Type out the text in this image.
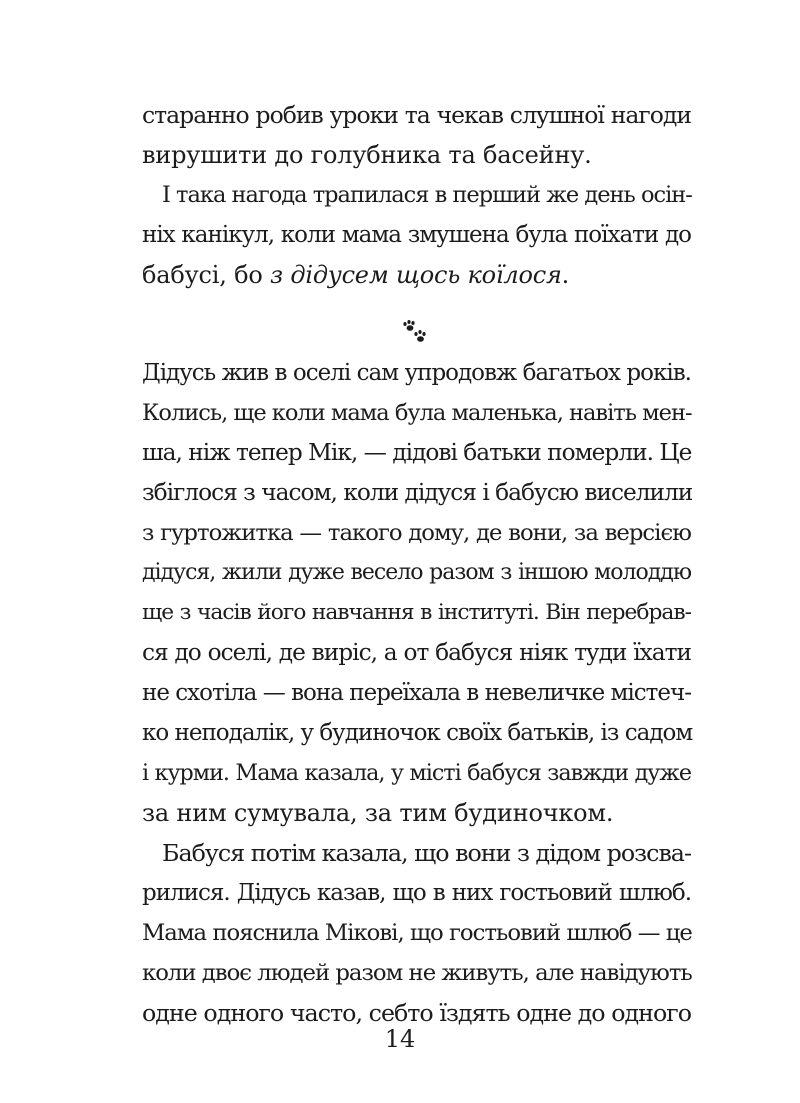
старанно робив уроки та чекав слушної нагоди
вирушити до голубника та басейну.
І така нагода трапилася в перший же день осін-
ніх канікул, коли мама змушена була поїхати до
бабусі, бо з дідусем щось коїлося.
Дідусь жив в оселі сам упродовж багатьох років.
Колись, ще коли мама була маленька, навіть мен-
ша, ніж тепер Мік, — дідові батьки померли. Це
збіглося з часом, коли дідуся і бабусю виселили
з гуртожитка — такого дому, де вони, за версією
дідуся, жили дуже весело разом з іншою молоддю
ще з часів його навчання в інституті. Він перебрав-
ся до оселі, де виріс, а от бабуся ніяк туди їхати
не схотіла — вона переїхала в невеличке містеч-
ко неподалік, у будиночок своїх батьків, із садом
і курми. Мама казала, у місті бабуся завжди дуже
за ним сумувала, за тим будиночком.
Бабуся потім казала, що вони з дідом розсва-
рилися. Дідусь казав, що в них гостьовий шлюб.
Мама пояснила Мікові, що гостьовий шлюб — це
коли двоє людей разом не живуть, але навідують
одне одного часто, себто їздять одне до одного
14
